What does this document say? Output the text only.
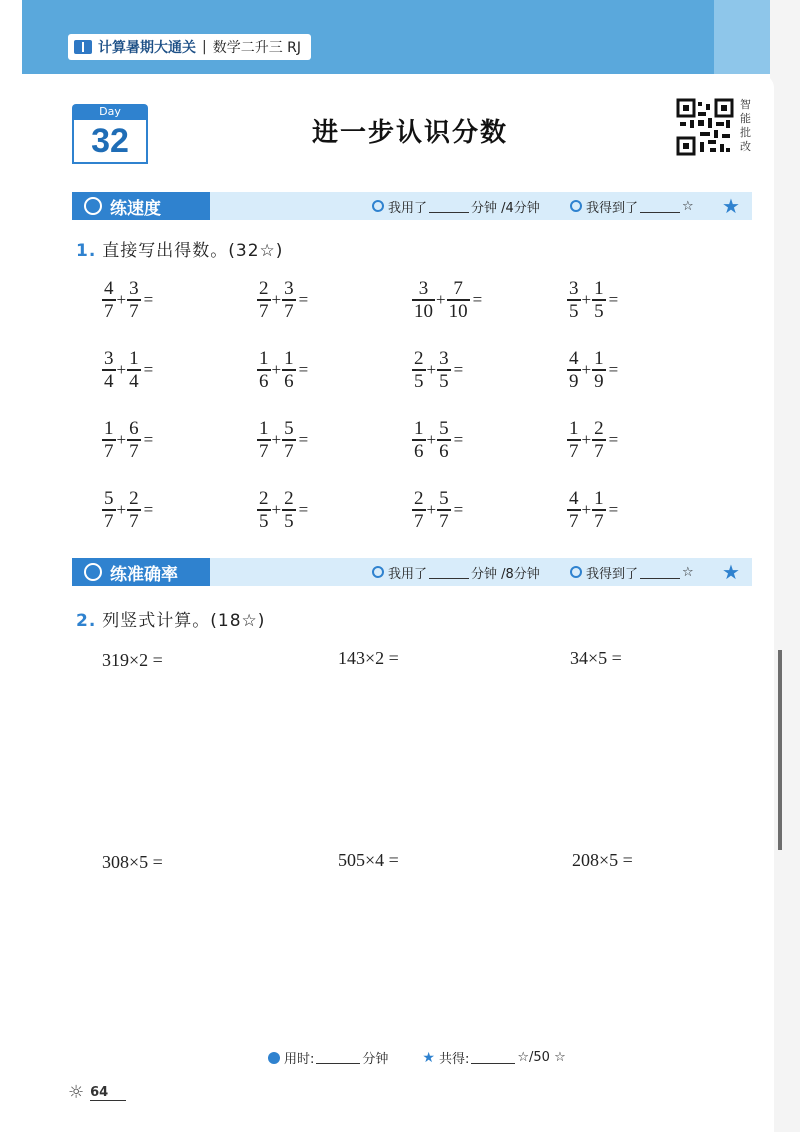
计算暑期大通关 | 数学二升三 RJ
Day
32	进一步认识分数
智能批改
练速度	我用了	分钟 /4分钟	我得到了	☆ ★
1. 直接写出得数。(32☆)
$\frac{4}{7} + \frac{3}{7}$ =	$\frac{2}{7} + \frac{3}{7}$ =	$\frac{3}{10} + \frac{7}{10}$ =	$\frac{3}{5} + \frac{1}{5}$ =
$\frac{3}{4} + \frac{1}{4}$ =	$\frac{1}{6} + \frac{1}{6}$ =	$\frac{2}{5} + \frac{3}{5}$ =	$\frac{4}{9} + \frac{1}{9}$ =
$\frac{1}{7} + \frac{6}{7}$ =	$\frac{1}{7} + \frac{5}{7}$ =	$\frac{1}{6} + \frac{5}{6}$ =	$\frac{1}{7} + \frac{2}{7}$ =
$\frac{5}{7} + \frac{2}{7}$ =	$\frac{2}{5} + \frac{2}{5}$ =	$\frac{2}{7} + \frac{5}{7}$ =	$\frac{4}{7} + \frac{1}{7}$ =
练准确率	我用了	分钟 /8分钟	我得到了	☆ ★
2. 列竖式计算。(18☆)
319×2 =	143×2 =	34×5 =
308×5 =	505×4 =	208×5 =
用时:	分钟 ★ 共得:	☆/50 ☆
☼ 64
